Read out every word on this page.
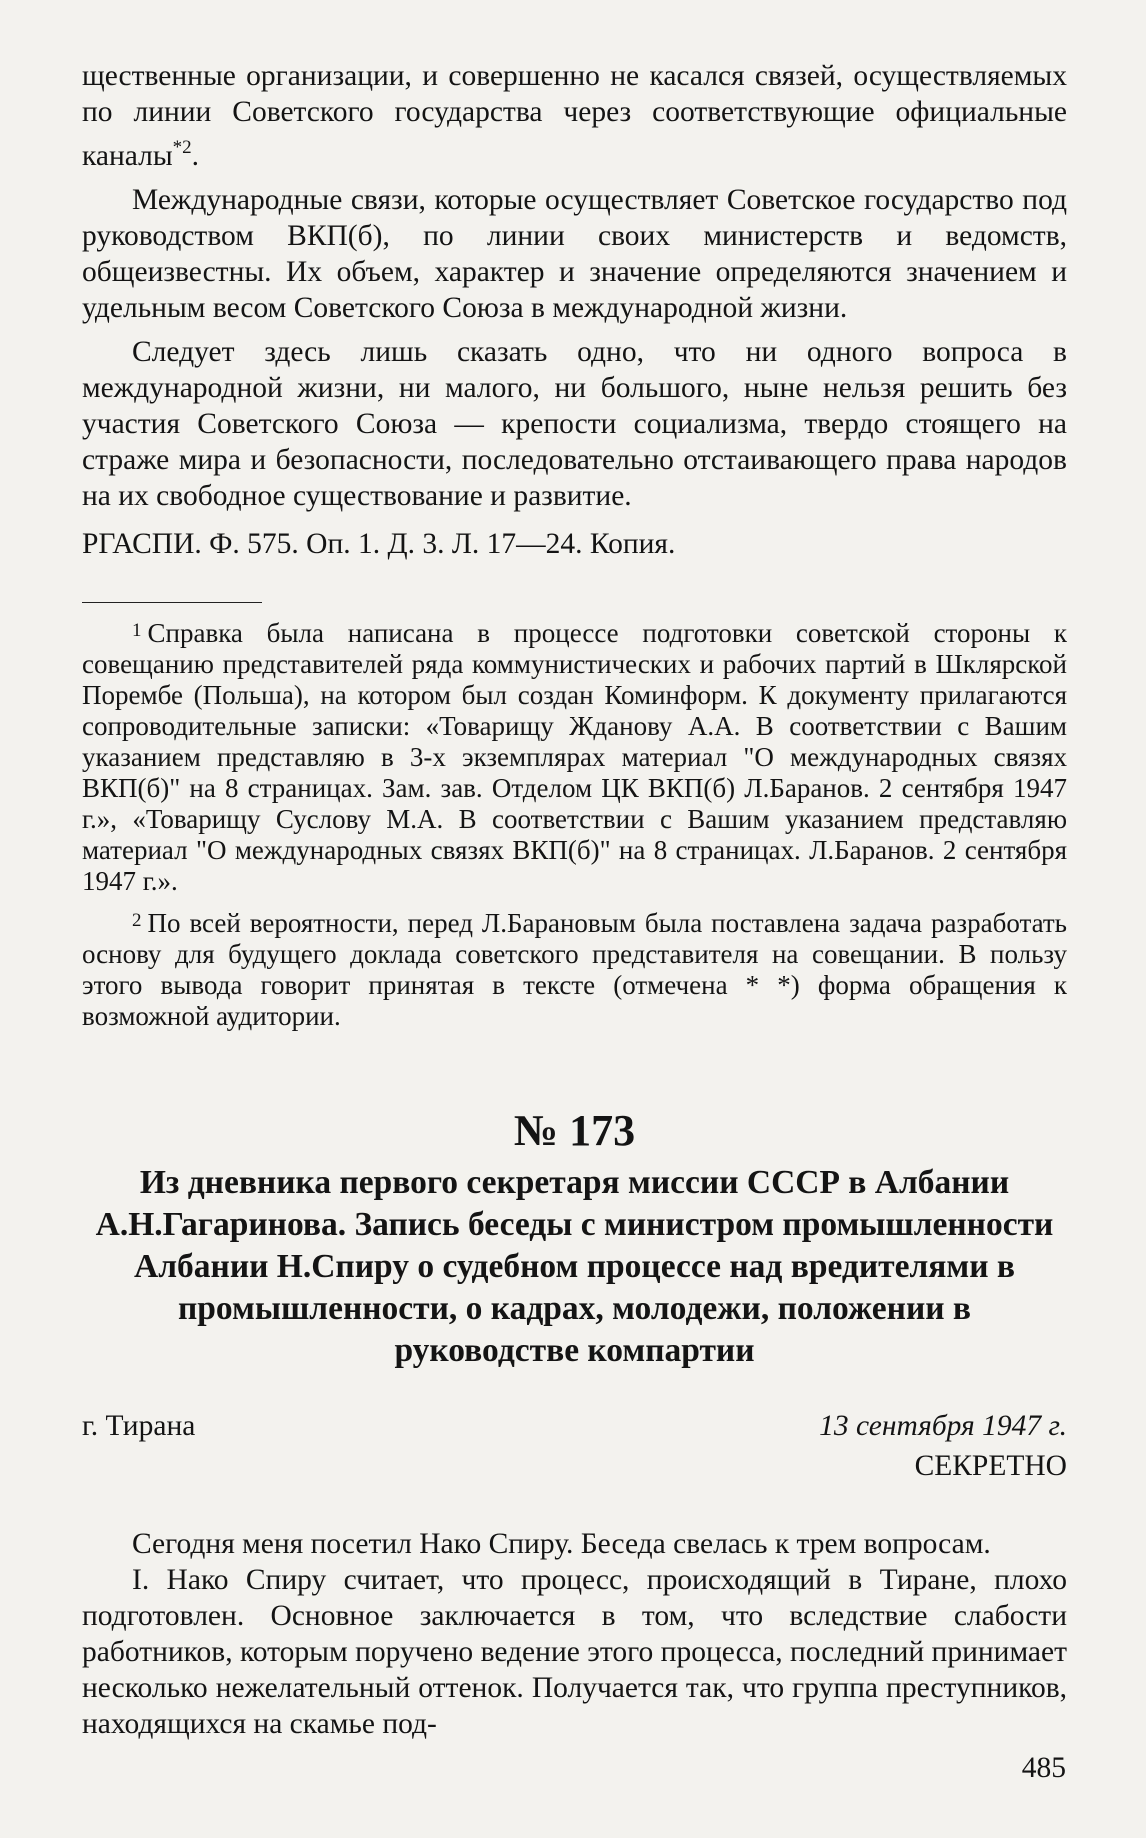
щественные организации, и совершенно не касался связей, осуществляемых по линии Советского государства через соответствующие официальные каналы$^{*2}$.

Международные связи, которые осуществляет Советское государство под руководством ВКП(б), по линии своих министерств и ведомств, общеизвестны. Их объем, характер и значение определяются значением и удельным весом Советского Союза в международной жизни.

Следует здесь лишь сказать одно, что ни одного вопроса в международной жизни, ни малого, ни большого, ныне нельзя решить без участия Советского Союза — крепости социализма, твердо стоящего на страже мира и безопасности, последовательно отстаивающего права народов на их свободное существование и развитие.

РГАСПИ. Ф. 575. Оп. 1. Д. 3. Л. 17—24. Копия.

$^1$ Справка была написана в процессе подготовки советской стороны к совещанию представителей ряда коммунистических и рабочих партий в Шклярской Порембе (Польша), на котором был создан Коминформ. К документу прилагаются сопроводительные записки: «Товарищу Жданову А.А. В соответствии с Вашим указанием представляю в 3-х экземплярах материал "О международных связях ВКП(б)" на 8 страницах. Зам. зав. Отделом ЦК ВКП(б) Л.Баранов. 2 сентября 1947 г.», «Товарищу Суслову М.А. В соответствии с Вашим указанием представляю материал "О международных связях ВКП(б)" на 8 страницах. Л.Баранов. 2 сентября 1947 г.».

$^2$ По всей вероятности, перед Л.Барановым была поставлена задача разработать основу для будущего доклада советского представителя на совещании. В пользу этого вывода говорит принятая в тексте (отмечена * *) форма обращения к возможной аудитории.

№ 173
Из дневника первого секретаря миссии СССР в Албании А.Н.Гагаринова. Запись беседы с министром промышленности Албании Н.Спиру о судебном процессе над вредителями в промышленности, о кадрах, молодежи, положении в руководстве компартии
г. Тирана	13 сентября 1947 г.
СЕКРЕТНО

Сегодня меня посетил Нако Спиру. Беседа свелась к трем вопросам.

I. Нако Спиру считает, что процесс, происходящий в Тиране, плохо подготовлен. Основное заключается в том, что вследствие слабости работников, которым поручено ведение этого процесса, последний принимает несколько нежелательный оттенок. Получается так, что группа преступников, находящихся на скамье под-

485
